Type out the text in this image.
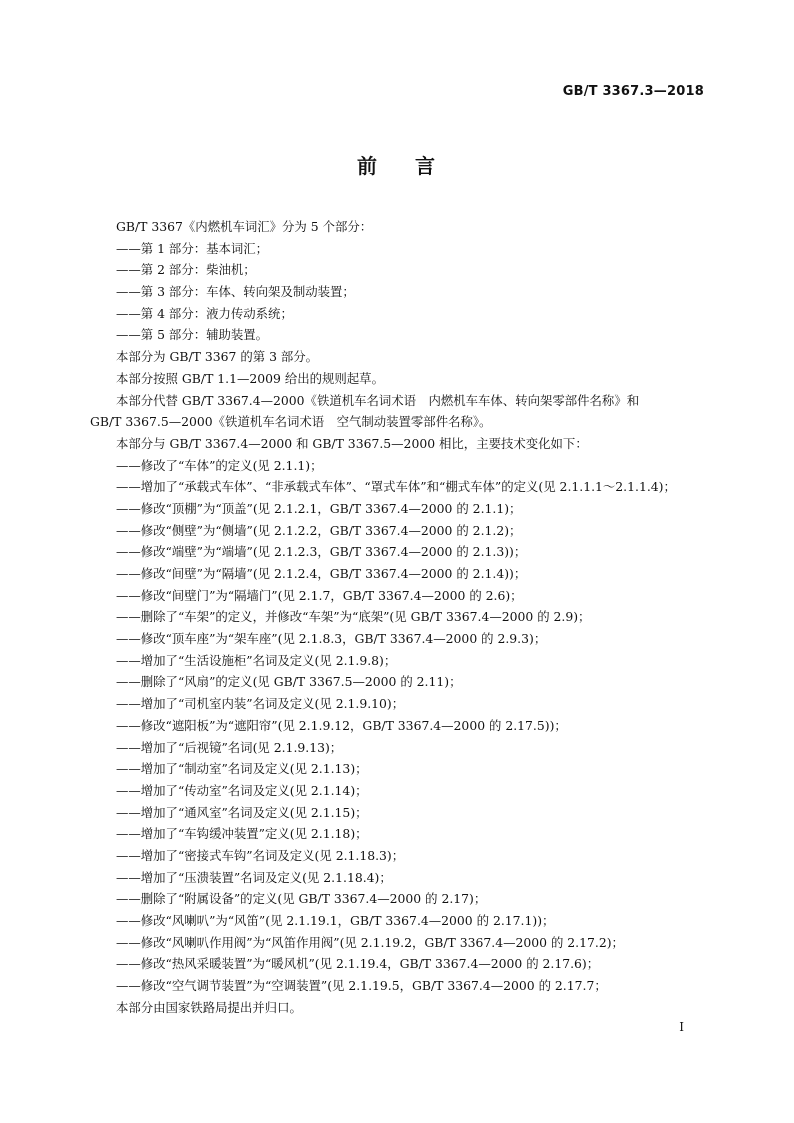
GB/T 3367.3—2018
前 言
GB/T 3367《内燃机车词汇》分为 5 个部分：
——第 1 部分：基本词汇；
——第 2 部分：柴油机；
——第 3 部分：车体、转向架及制动装置；
——第 4 部分：液力传动系统；
——第 5 部分：辅助装置。
本部分为 GB/T 3367 的第 3 部分。
本部分按照 GB/T 1.1—2009 给出的规则起草。
本部分代替 GB/T 3367.4—2000《铁道机车名词术语　内燃机车车体、转向架零部件名称》和
GB/T 3367.5—2000《铁道机车名词术语　空气制动装置零部件名称》。
本部分与 GB/T 3367.4—2000 和 GB/T 3367.5—2000 相比，主要技术变化如下：
——修改了“车体”的定义(见 2.1.1)；
——增加了“承载式车体”、“非承载式车体”、“罩式车体”和“棚式车体”的定义(见 2.1.1.1～2.1.1.4)；
——修改“顶棚”为“顶盖”(见 2.1.2.1，GB/T 3367.4—2000 的 2.1.1)；
——修改“侧壁”为“侧墙”(见 2.1.2.2，GB/T 3367.4—2000 的 2.1.2)；
——修改“端壁”为“端墙”(见 2.1.2.3，GB/T 3367.4—2000 的 2.1.3))；
——修改“间壁”为“隔墙”(见 2.1.2.4，GB/T 3367.4—2000 的 2.1.4))；
——修改“间壁门”为“隔墙门”(见 2.1.7，GB/T 3367.4—2000 的 2.6)；
——删除了“车架”的定义，并修改“车架”为“底架”(见 GB/T 3367.4—2000 的 2.9)；
——修改“顶车座”为“架车座”(见 2.1.8.3，GB/T 3367.4—2000 的 2.9.3)；
——增加了“生活设施柜”名词及定义(见 2.1.9.8)；
——删除了“风扇”的定义(见 GB/T 3367.5—2000 的 2.11)；
——增加了“司机室内装”名词及定义(见 2.1.9.10)；
——修改“遮阳板”为“遮阳帘”(见 2.1.9.12，GB/T 3367.4—2000 的 2.17.5))；
——增加了“后视镜”名词(见 2.1.9.13)；
——增加了“制动室”名词及定义(见 2.1.13)；
——增加了“传动室”名词及定义(见 2.1.14)；
——增加了“通风室”名词及定义(见 2.1.15)；
——增加了“车钩缓冲装置”定义(见 2.1.18)；
——增加了“密接式车钩”名词及定义(见 2.1.18.3)；
——增加了“压溃装置”名词及定义(见 2.1.18.4)；
——删除了“附属设备”的定义(见 GB/T 3367.4—2000 的 2.17)；
——修改“风喇叭”为“风笛”(见 2.1.19.1，GB/T 3367.4—2000 的 2.17.1))；
——修改“风喇叭作用阀”为“风笛作用阀”(见 2.1.19.2，GB/T 3367.4—2000 的 2.17.2)；
——修改“热风采暖装置”为“暖风机”(见 2.1.19.4，GB/T 3367.4—2000 的 2.17.6)；
——修改“空气调节装置”为“空调装置”(见 2.1.19.5，GB/T 3367.4—2000 的 2.17.7；
本部分由国家铁路局提出并归口。
I
